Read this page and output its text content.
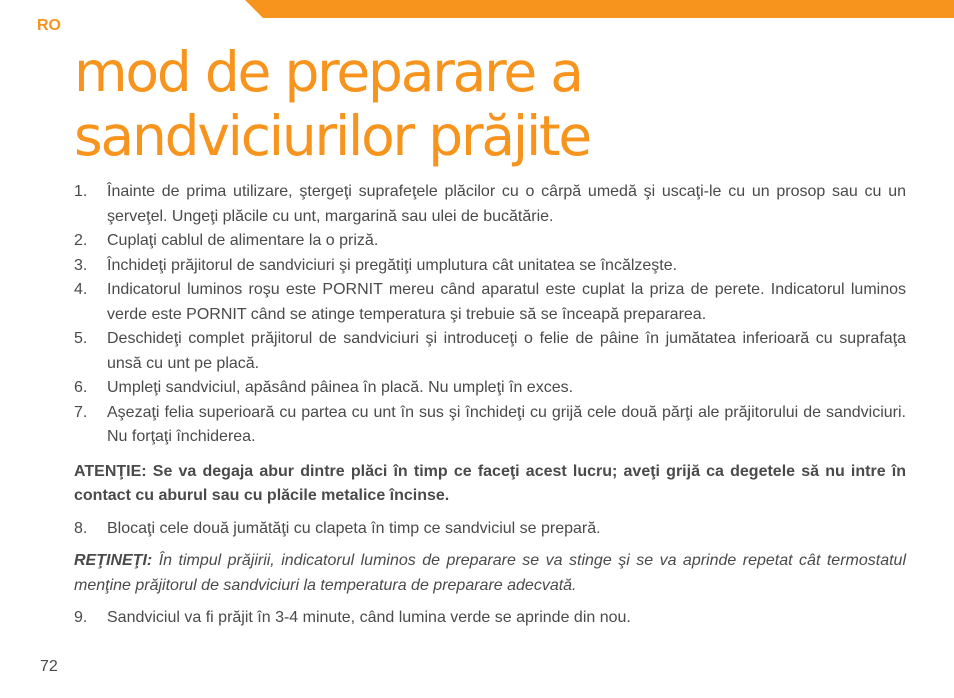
RO
mod de preparare a sandviciurilor prăjite
1.	Înainte de prima utilizare, ştergeţi suprafeţele plăcilor cu o cârpă umedă şi uscaţi-le cu un prosop sau cu un şerveţel. Ungeţi plăcile cu unt, margarină sau ulei de bucătărie.
2.	Cuplaţi cablul de alimentare la o priză.
3.	Închideţi prăjitorul de sandviciuri şi pregătiţi umplutura cât unitatea se încălzeşte.
4.	Indicatorul luminos roşu este PORNIT mereu când aparatul este cuplat la priza de perete. Indicatorul luminos verde este PORNIT când se atinge temperatura şi trebuie să se înceapă prepararea.
5.	Deschideţi complet prăjitorul de sandviciuri şi introduceţi o felie de pâine în jumătatea inferioară cu suprafaţa unsă cu unt pe placă.
6.	Umpleţi sandviciul, apăsând pâinea în placă. Nu umpleţi în exces.
7.	Aşezaţi felia superioară cu partea cu unt în sus şi închideţi cu grijă cele două părţi ale prăjitorului de sandviciuri. Nu forţaţi închiderea.

ATENŢIE: Se va degaja abur dintre plăci în timp ce faceţi acest lucru; aveţi grijă ca degetele să nu intre în contact cu aburul sau cu plăcile metalice încinse.

8.	Blocaţi cele două jumătăţi cu clapeta în timp ce sandviciul se prepară.

REŢINEŢI: În timpul prăjirii, indicatorul luminos de preparare se va stinge şi se va aprinde repetat cât termostatul menţine prăjitorul de sandviciuri la temperatura de preparare adecvată.

9.	Sandviciul va fi prăjit în 3-4 minute, când lumina verde se aprinde din nou.
72
